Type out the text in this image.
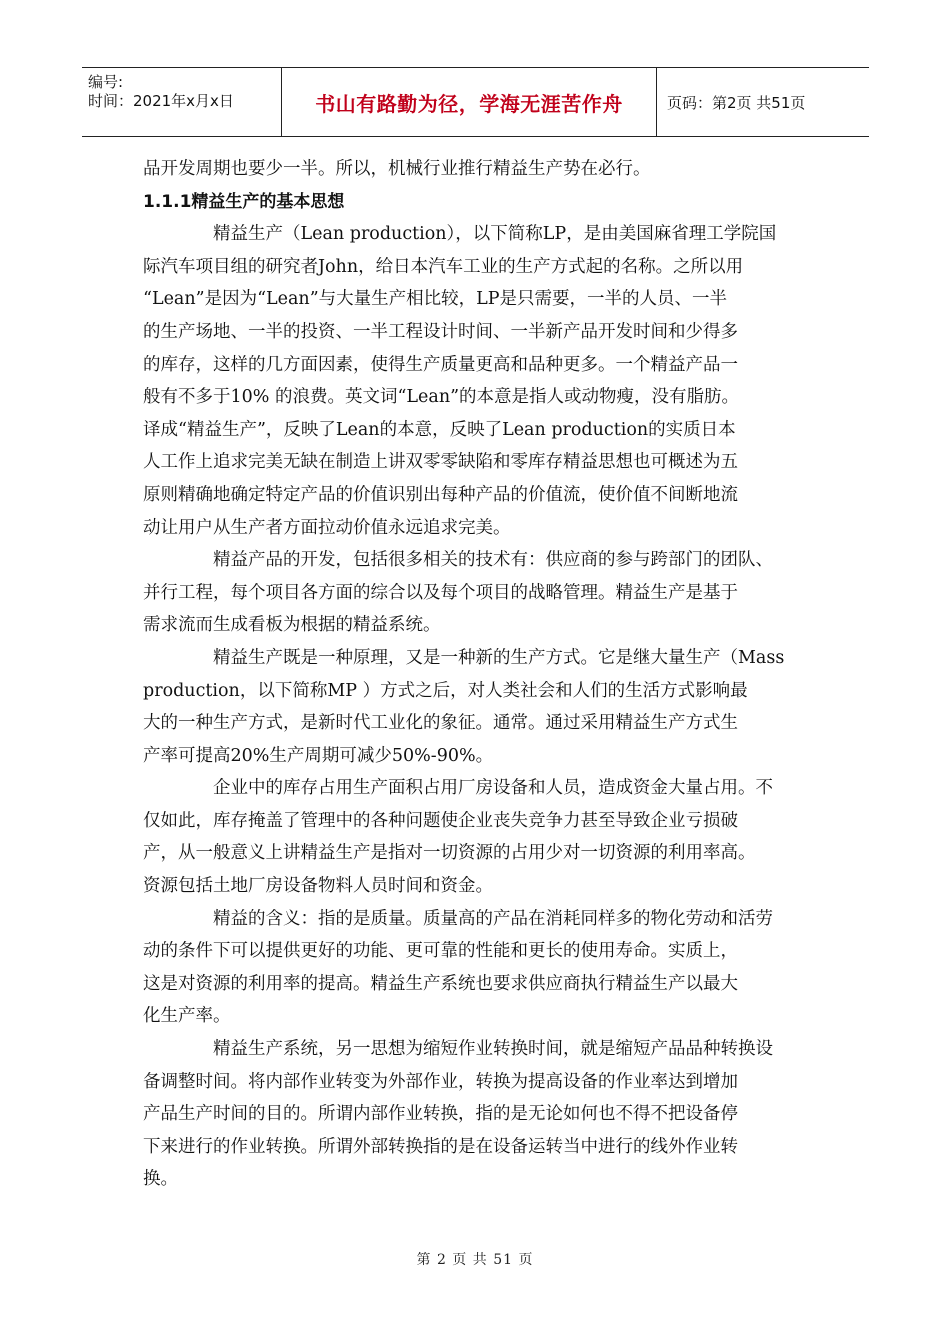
编号:
时间：2021年x月x日	书山有路勤为径，学海无涯苦作舟	页码：第2页 共51页
品开发周期也要少一半。所以，机械行业推行精益生产势在必行。
1.1.1精益生产的基本思想

精益生产（Lean production），以下简称LP，是由美国麻省理工学院国
际汽车项目组的研究者John，给日本汽车工业的生产方式起的名称。之所以用
“Lean”是因为“Lean”与大量生产相比较，LP是只需要，一半的人员、一半
的生产场地、一半的投资、一半工程设计时间、一半新产品开发时间和少得多
的库存，这样的几方面因素，使得生产质量更高和品种更多。一个精益产品一
般有不多于10% 的浪费。英文词“Lean”的本意是指人或动物瘦，没有脂肪。
译成“精益生产”，反映了Lean的本意，反映了Lean production的实质日本
人工作上追求完美无缺在制造上讲双零零缺陷和零库存精益思想也可概述为五
原则精确地确定特定产品的价值识别出每种产品的价值流，使价值不间断地流
动让用户从生产者方面拉动价值永远追求完美。

精益产品的开发，包括很多相关的技术有：供应商的参与跨部门的团队、
并行工程，每个项目各方面的综合以及每个项目的战略管理。精益生产是基于
需求流而生成看板为根据的精益系统。

精益生产既是一种原理，又是一种新的生产方式。它是继大量生产（Mass
production，以下简称MP ）方式之后，对人类社会和人们的生活方式影响最
大的一种生产方式，是新时代工业化的象征。通常。通过采用精益生产方式生
产率可提高20%生产周期可减少50%-90%。

企业中的库存占用生产面积占用厂房设备和人员，造成资金大量占用。不
仅如此，库存掩盖了管理中的各种问题使企业丧失竞争力甚至导致企业亏损破
产，从一般意义上讲精益生产是指对一切资源的占用少对一切资源的利用率高。
资源包括土地厂房设备物料人员时间和资金。

精益的含义：指的是质量。质量高的产品在消耗同样多的物化劳动和活劳
动的条件下可以提供更好的功能、更可靠的性能和更长的使用寿命。实质上，
这是对资源的利用率的提高。精益生产系统也要求供应商执行精益生产以最大
化生产率。

精益生产系统，另一思想为缩短作业转换时间，就是缩短产品品种转换设
备调整时间。将内部作业转变为外部作业，转换为提高设备的作业率达到增加
产品生产时间的目的。所谓内部作业转换，指的是无论如何也不得不把设备停
下来进行的作业转换。所谓外部转换指的是在设备运转当中进行的线外作业转
换。

第 2 页 共 51 页
